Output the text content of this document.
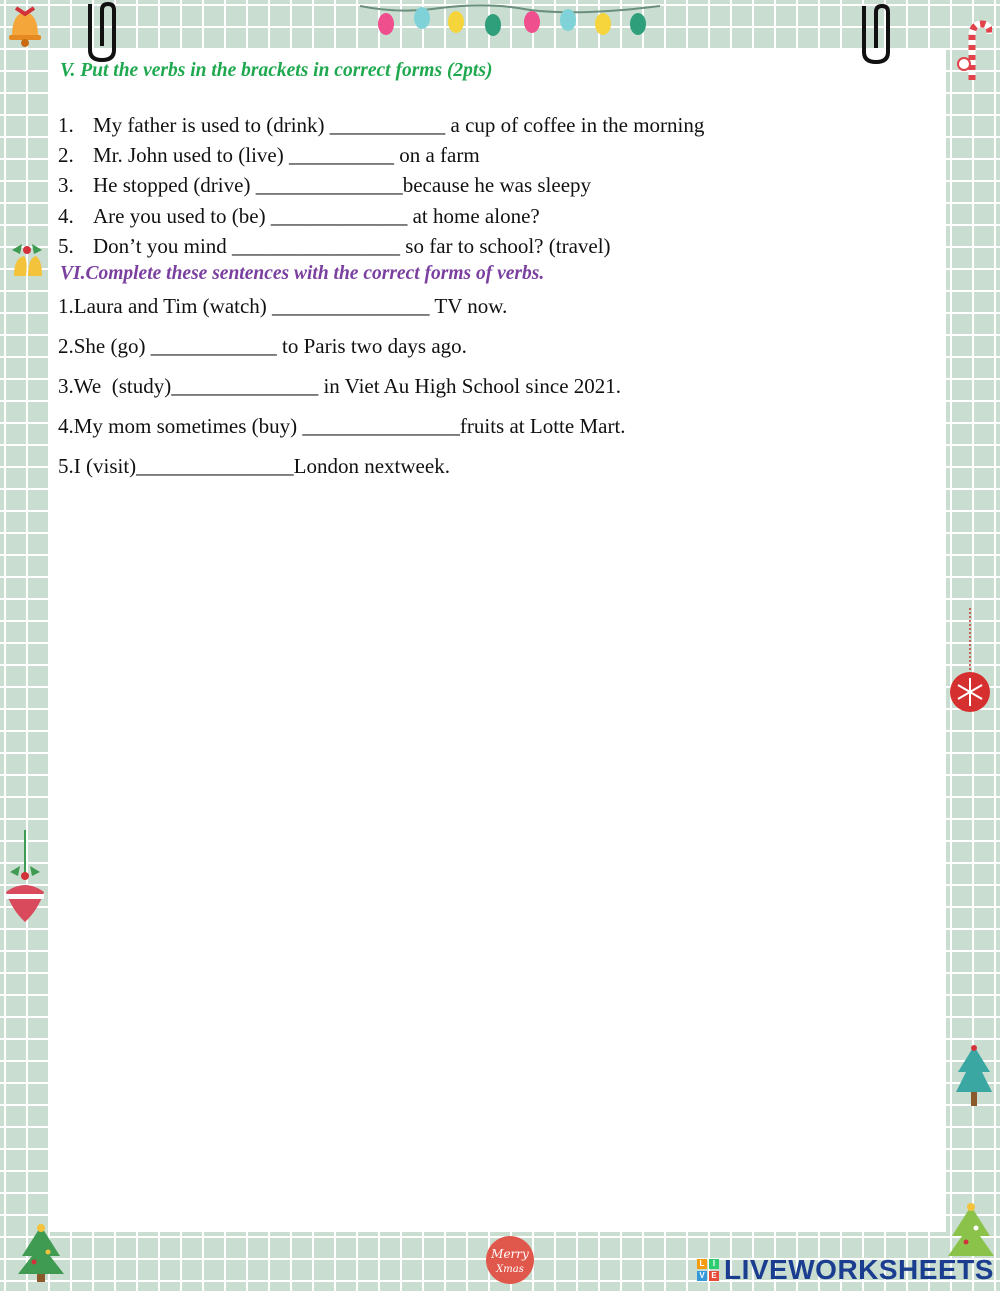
Merry
Xmas
V. Put the verbs in the brackets in correct forms (2pts)
1. My father is used to (drink) ___________ a cup of coffee in the morning
2. Mr. John used to (live) __________ on a farm
3. He stopped (drive) ______________because he was sleepy
4. Are you used to (be) _____________ at home alone?
5. Don’t you mind ________________ so far to school? (travel)
VI.Complete these sentences with the correct forms of verbs.
1.Laura and Tim (watch) _______________ TV now.
2.She (go) ____________ to Paris two days ago.
3.We  (study)______________ in Viet Au High School since 2021.
4.My mom sometimes (buy) _______________fruits at Lotte Mart.
5.I (visit)_______________London nextweek.
L	I
V E LIVEWORKSHEETS
